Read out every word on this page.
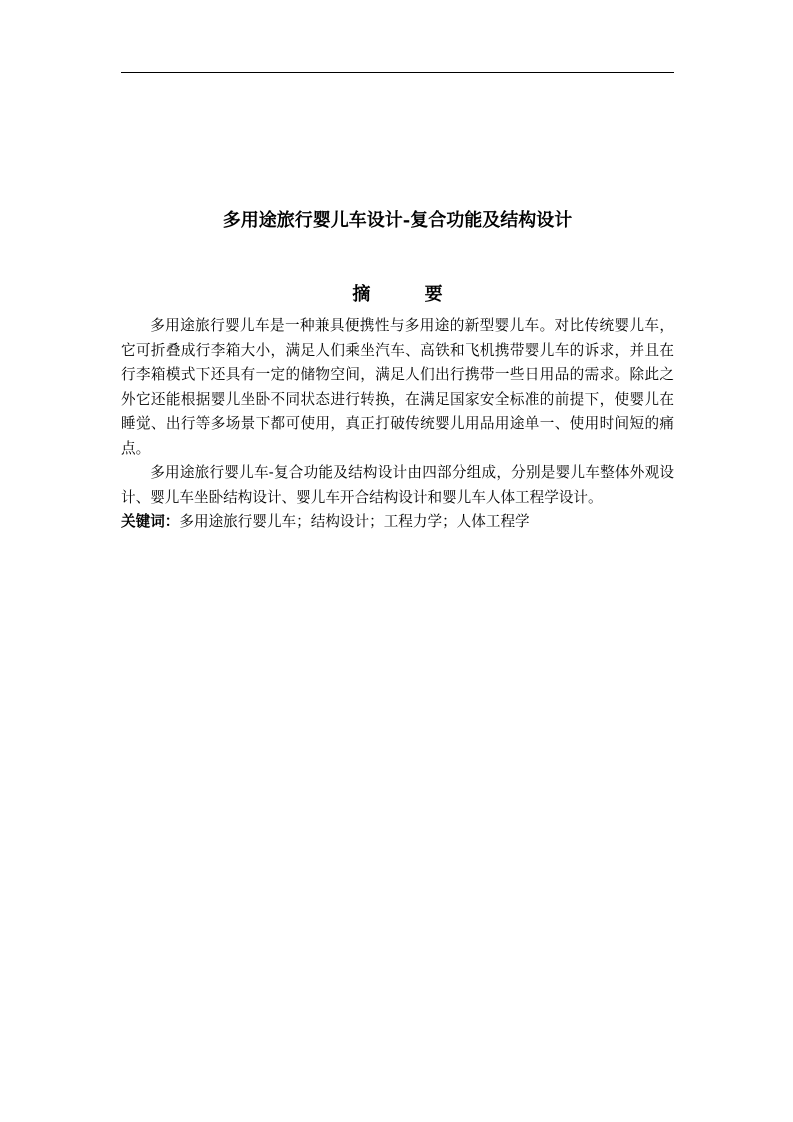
多用途旅行婴儿车设计-复合功能及结构设计
摘 要

多用途旅行婴儿车是一种兼具便携性与多用途的新型婴儿车。对比传统婴儿车，它可折叠成行李箱大小，满足人们乘坐汽车、高铁和飞机携带婴儿车的诉求，并且在行李箱模式下还具有一定的储物空间，满足人们出行携带一些日用品的需求。除此之外它还能根据婴儿坐卧不同状态进行转换，在满足国家安全标准的前提下，使婴儿在睡觉、出行等多场景下都可使用，真正打破传统婴儿用品用途单一、使用时间短的痛点。

多用途旅行婴儿车-复合功能及结构设计由四部分组成，分别是婴儿车整体外观设计、婴儿车坐卧结构设计、婴儿车开合结构设计和婴儿车人体工程学设计。

关键词：多用途旅行婴儿车；结构设计；工程力学；人体工程学
